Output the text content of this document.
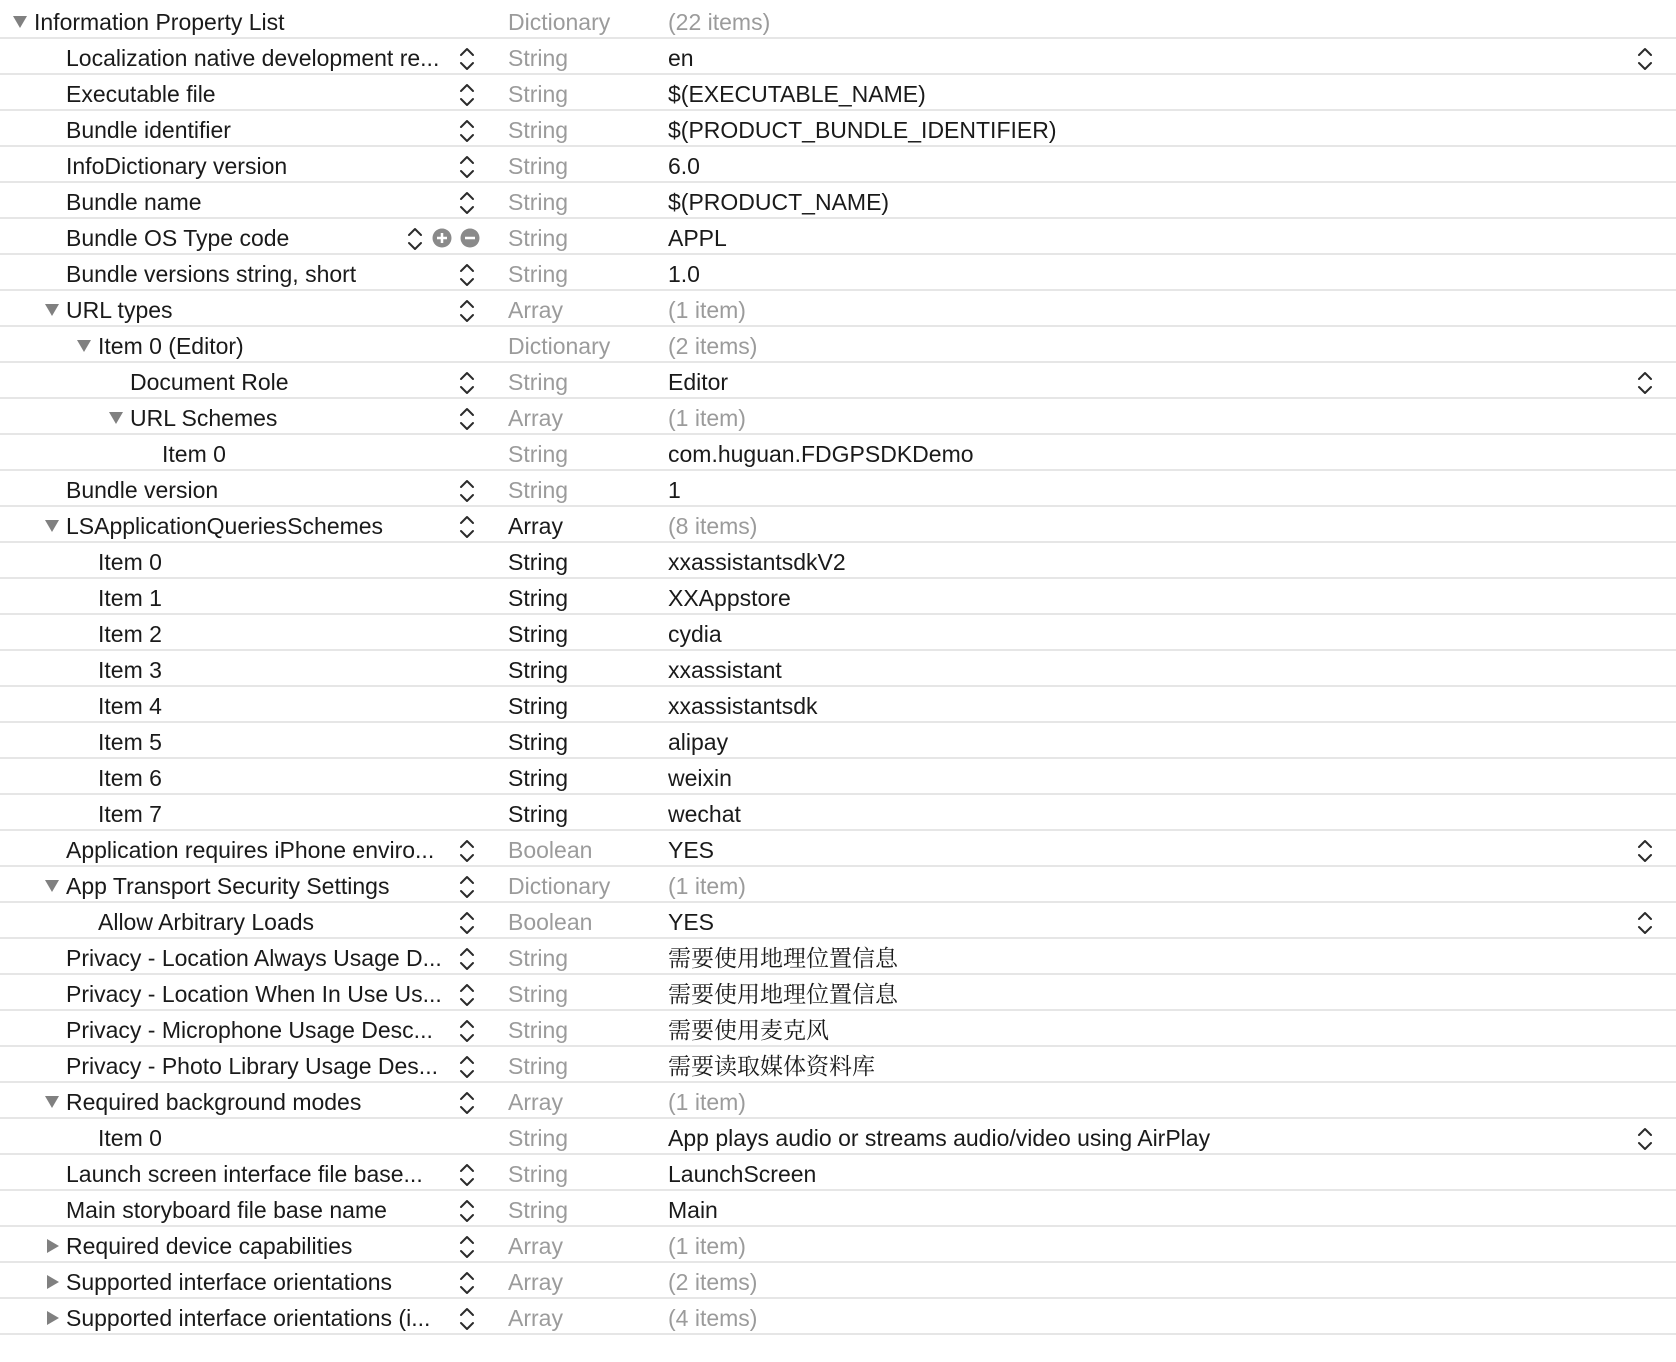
Information Property List	Dictionary	(22 items)
Localization native development re...	String	en
Executable file	String	$(EXECUTABLE_NAME)
Bundle identifier	String	$(PRODUCT_BUNDLE_IDENTIFIER)
InfoDictionary version	String	6.0
Bundle name	String	$(PRODUCT_NAME)
Bundle OS Type code	String	APPL
Bundle versions string, short	String	1.0
URL types	Array	(1 item)
Item 0 (Editor)	Dictionary	(2 items)
Document Role	String	Editor
URL Schemes	Array	(1 item)
Item 0	String	com.huguan.FDGPSDKDemo
Bundle version	String	1
LSApplicationQueriesSchemes	Array	(8 items)
Item 0	String	xxassistantsdkV2
Item 1	String	XXAppstore
Item 2	String	cydia
Item 3	String	xxassistant
Item 4	String	xxassistantsdk
Item 5	String	alipay
Item 6	String	weixin
Item 7	String	wechat
Application requires iPhone enviro...	Boolean	YES
App Transport Security Settings	Dictionary	(1 item)
Allow Arbitrary Loads	Boolean	YES
Privacy - Location Always Usage D...	String	需要使用地理位置信息
Privacy - Location When In Use Us...	String	需要使用地理位置信息
Privacy - Microphone Usage Desc...	String	需要使用麦克风
Privacy - Photo Library Usage Des...	String	需要读取媒体资料库
Required background modes	Array	(1 item)
Item 0	String	App plays audio or streams audio/video using AirPlay
Launch screen interface file base...	String	LaunchScreen
Main storyboard file base name	String	Main
Required device capabilities	Array	(1 item)
Supported interface orientations	Array	(2 items)
Supported interface orientations (i...	Array	(4 items)
